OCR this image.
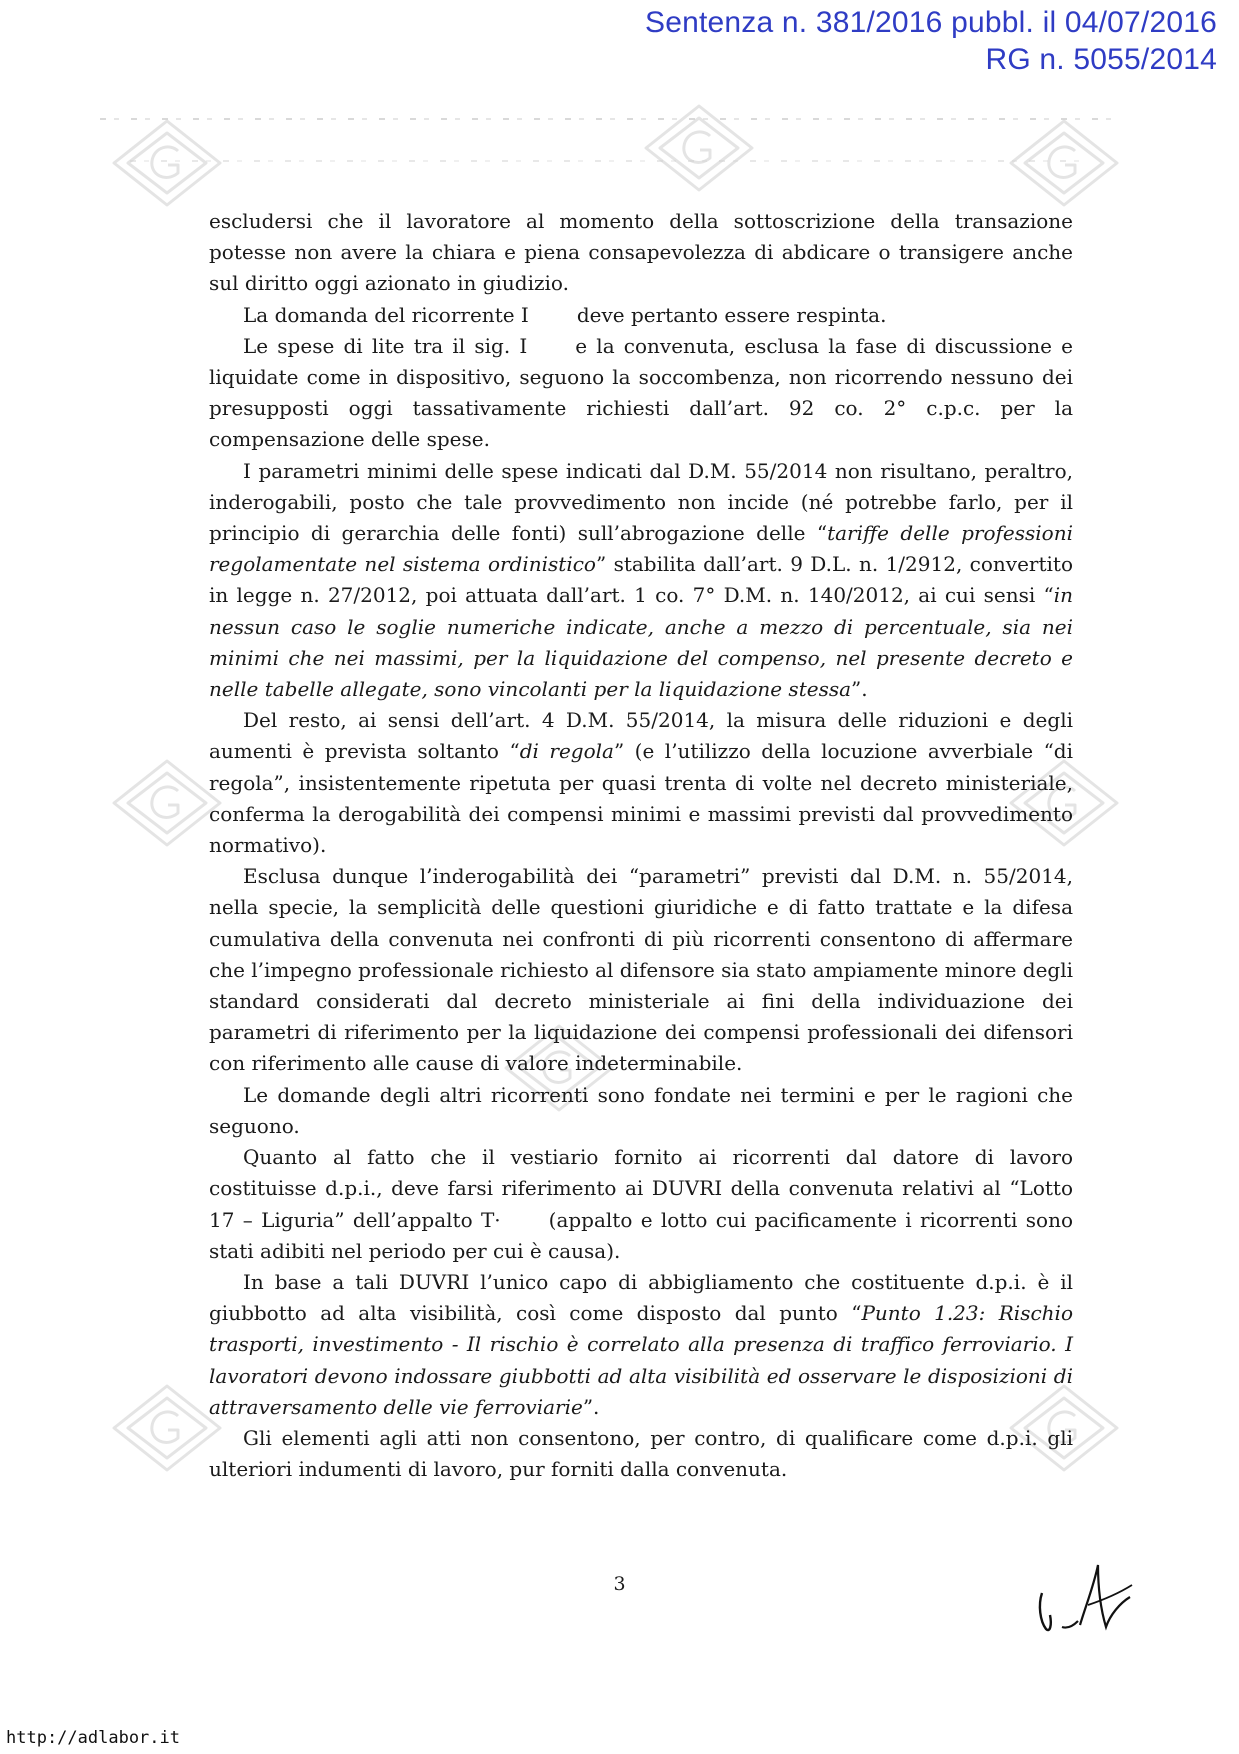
Sentenza n. 381/2016 pubbl. il 04/07/2016
RG n. 5055/2014

escludersi che il lavoratore al momento della sottoscrizione della transazione potesse non avere la chiara e piena consapevolezza di abdicare o transigere anche sul diritto oggi azionato in giudizio.

La domanda del ricorrente I deve pertanto essere respinta.

Le spese di lite tra il sig. I e la convenuta, esclusa la fase di discussione e liquidate come in dispositivo, seguono la soccombenza, non ricorrendo nessuno dei presupposti oggi tassativamente richiesti dall’art. 92 co. 2° c.p.c. per la compensazione delle spese.

I parametri minimi delle spese indicati dal D.M. 55/2014 non risultano, peraltro, inderogabili, posto che tale provvedimento non incide (né potrebbe farlo, per il principio di gerarchia delle fonti) sull’abrogazione delle “tariffe delle professioni regolamentate nel sistema ordinistico” stabilita dall’art. 9 D.L. n. 1/2912, convertito in legge n. 27/2012, poi attuata dall’art. 1 co. 7° D.M. n. 140/2012, ai cui sensi “in nessun caso le soglie numeriche indicate, anche a mezzo di percentuale, sia nei minimi che nei massimi, per la liquidazione del compenso, nel presente decreto e nelle tabelle allegate, sono vincolanti per la liquidazione stessa”.

Del resto, ai sensi dell’art. 4 D.M. 55/2014, la misura delle riduzioni e degli aumenti è prevista soltanto “di regola” (e l’utilizzo della locuzione avverbiale “di regola”, insistentemente ripetuta per quasi trenta di volte nel decreto ministeriale, conferma la derogabilità dei compensi minimi e massimi previsti dal provvedimento normativo).

Esclusa dunque l’inderogabilità dei “parametri” previsti dal D.M. n. 55/2014, nella specie, la semplicità delle questioni giuridiche e di fatto trattate e la difesa cumulativa della convenuta nei confronti di più ricorrenti consentono di affermare che l’impegno professionale richiesto al difensore sia stato ampiamente minore degli standard considerati dal decreto ministeriale ai fini della individuazione dei parametri di riferimento per la liquidazione dei compensi professionali dei difensori con riferimento alle cause di valore indeterminabile.

Le domande degli altri ricorrenti sono fondate nei termini e per le ragioni che seguono.

Quanto al fatto che il vestiario fornito ai ricorrenti dal datore di lavoro costituisse d.p.i., deve farsi riferimento ai DUVRI della convenuta relativi al “Lotto 17 – Liguria” dell’appalto T· (appalto e lotto cui pacificamente i ricorrenti sono stati adibiti nel periodo per cui è causa).

In base a tali DUVRI l’unico capo di abbigliamento che costituente d.p.i. è il giubbotto ad alta visibilità, così come disposto dal punto “Punto 1.23: Rischio trasporti, investimento - Il rischio è correlato alla presenza di traffico ferroviario. I lavoratori devono indossare giubbotti ad alta visibilità ed osservare le disposizioni di attraversamento delle vie ferroviarie”.

Gli elementi agli atti non consentono, per contro, di qualificare come d.p.i. gli ulteriori indumenti di lavoro, pur forniti dalla convenuta.

3
http://adlabor.it
